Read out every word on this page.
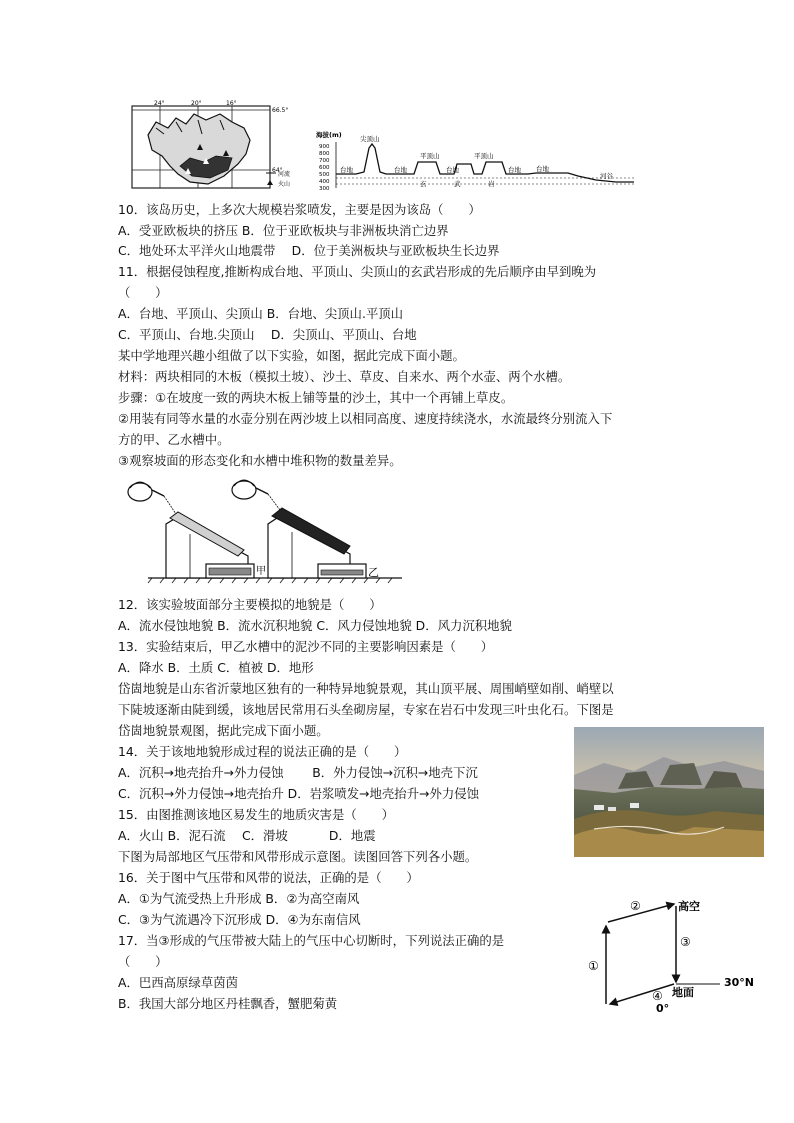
24°	20°	16°
66.5°
64°
河流
火山
海拔(m)
900
800
700
600
500
400
300
尖顶山
平顶山	平顶山
台地	台地	台地	台地 台地
河谷
玄	武	岩
10．该岛历史，上多次大规模岩浆喷发，主要是因为该岛（　　）
A．受亚欧板块的挤压 B．位于亚欧板块与非洲板块消亡边界
C．地处环太平洋火山地震带　 D．位于美洲板块与亚欧板块生长边界
11．根据侵蚀程度,推断构成台地、平顶山、尖顶山的玄武岩形成的先后顺序由早到晚为
（　　）
A．台地、平顶山、尖顶山 B．台地、尖顶山.平顶山
C．平顶山、台地.尖顶山　 D．尖顶山、平顶山、台地
某中学地理兴趣小组做了以下实验，如图，据此完成下面小题。
材料：两块相同的木板（模拟土坡）、沙土、草皮、自来水、两个水壶、两个水槽。
步骤：①在坡度一致的两块木板上铺等量的沙土，其中一个再铺上草皮。
②用装有同等水量的水壶分别在两沙坡上以相同高度、速度持续浇水，水流最终分别流入下
方的甲、乙水槽中。
③观察坡面的形态变化和水槽中堆积物的数量差异。
甲	乙
12．该实验坡面部分主要模拟的地貌是（　　）
A．流水侵蚀地貌 B．流水沉积地貌 C．风力侵蚀地貌 D．风力沉积地貌
13．实验结束后，甲乙水槽中的泥沙不同的主要影响因素是（　　）
A．降水 B．土质 C．植被 D．地形
岱崮地貌是山东省沂蒙地区独有的一种特异地貌景观，其山顶平展、周围峭壁如削、峭壁以
下陡坡逐渐由陡到缓，该地居民常用石头垒砌房屋，专家在岩石中发现三叶虫化石。下图是
岱崮地貌景观图，据此完成下面小题。
14．关于该地地貌形成过程的说法正确的是（　　）
A．沉积→地壳抬升→外力侵蚀　　 B．外力侵蚀→沉积→地壳下沉
C．沉积→外力侵蚀→地壳抬升 D．岩浆喷发→地壳抬升→外力侵蚀
15．由图推测该地区易发生的地质灾害是（　　）
A．火山 B．泥石流　 C．滑坡　　　 D．地震
下图为局部地区气压带和风带形成示意图。读图回答下列各小题。
16．关于图中气压带和风带的说法，正确的是（　　）
A．①为气流受热上升形成 B．②为高空南风
C．③为气流遇冷下沉形成 D．④为东南信风
17．当③形成的气压带被大陆上的气压中心切断时，下列说法正确的是
（　　）
A．巴西高原绿草茵茵
B．我国大部分地区丹桂飘香，蟹肥菊黄
①
②
③
④
高空
地面
30°N
0°
